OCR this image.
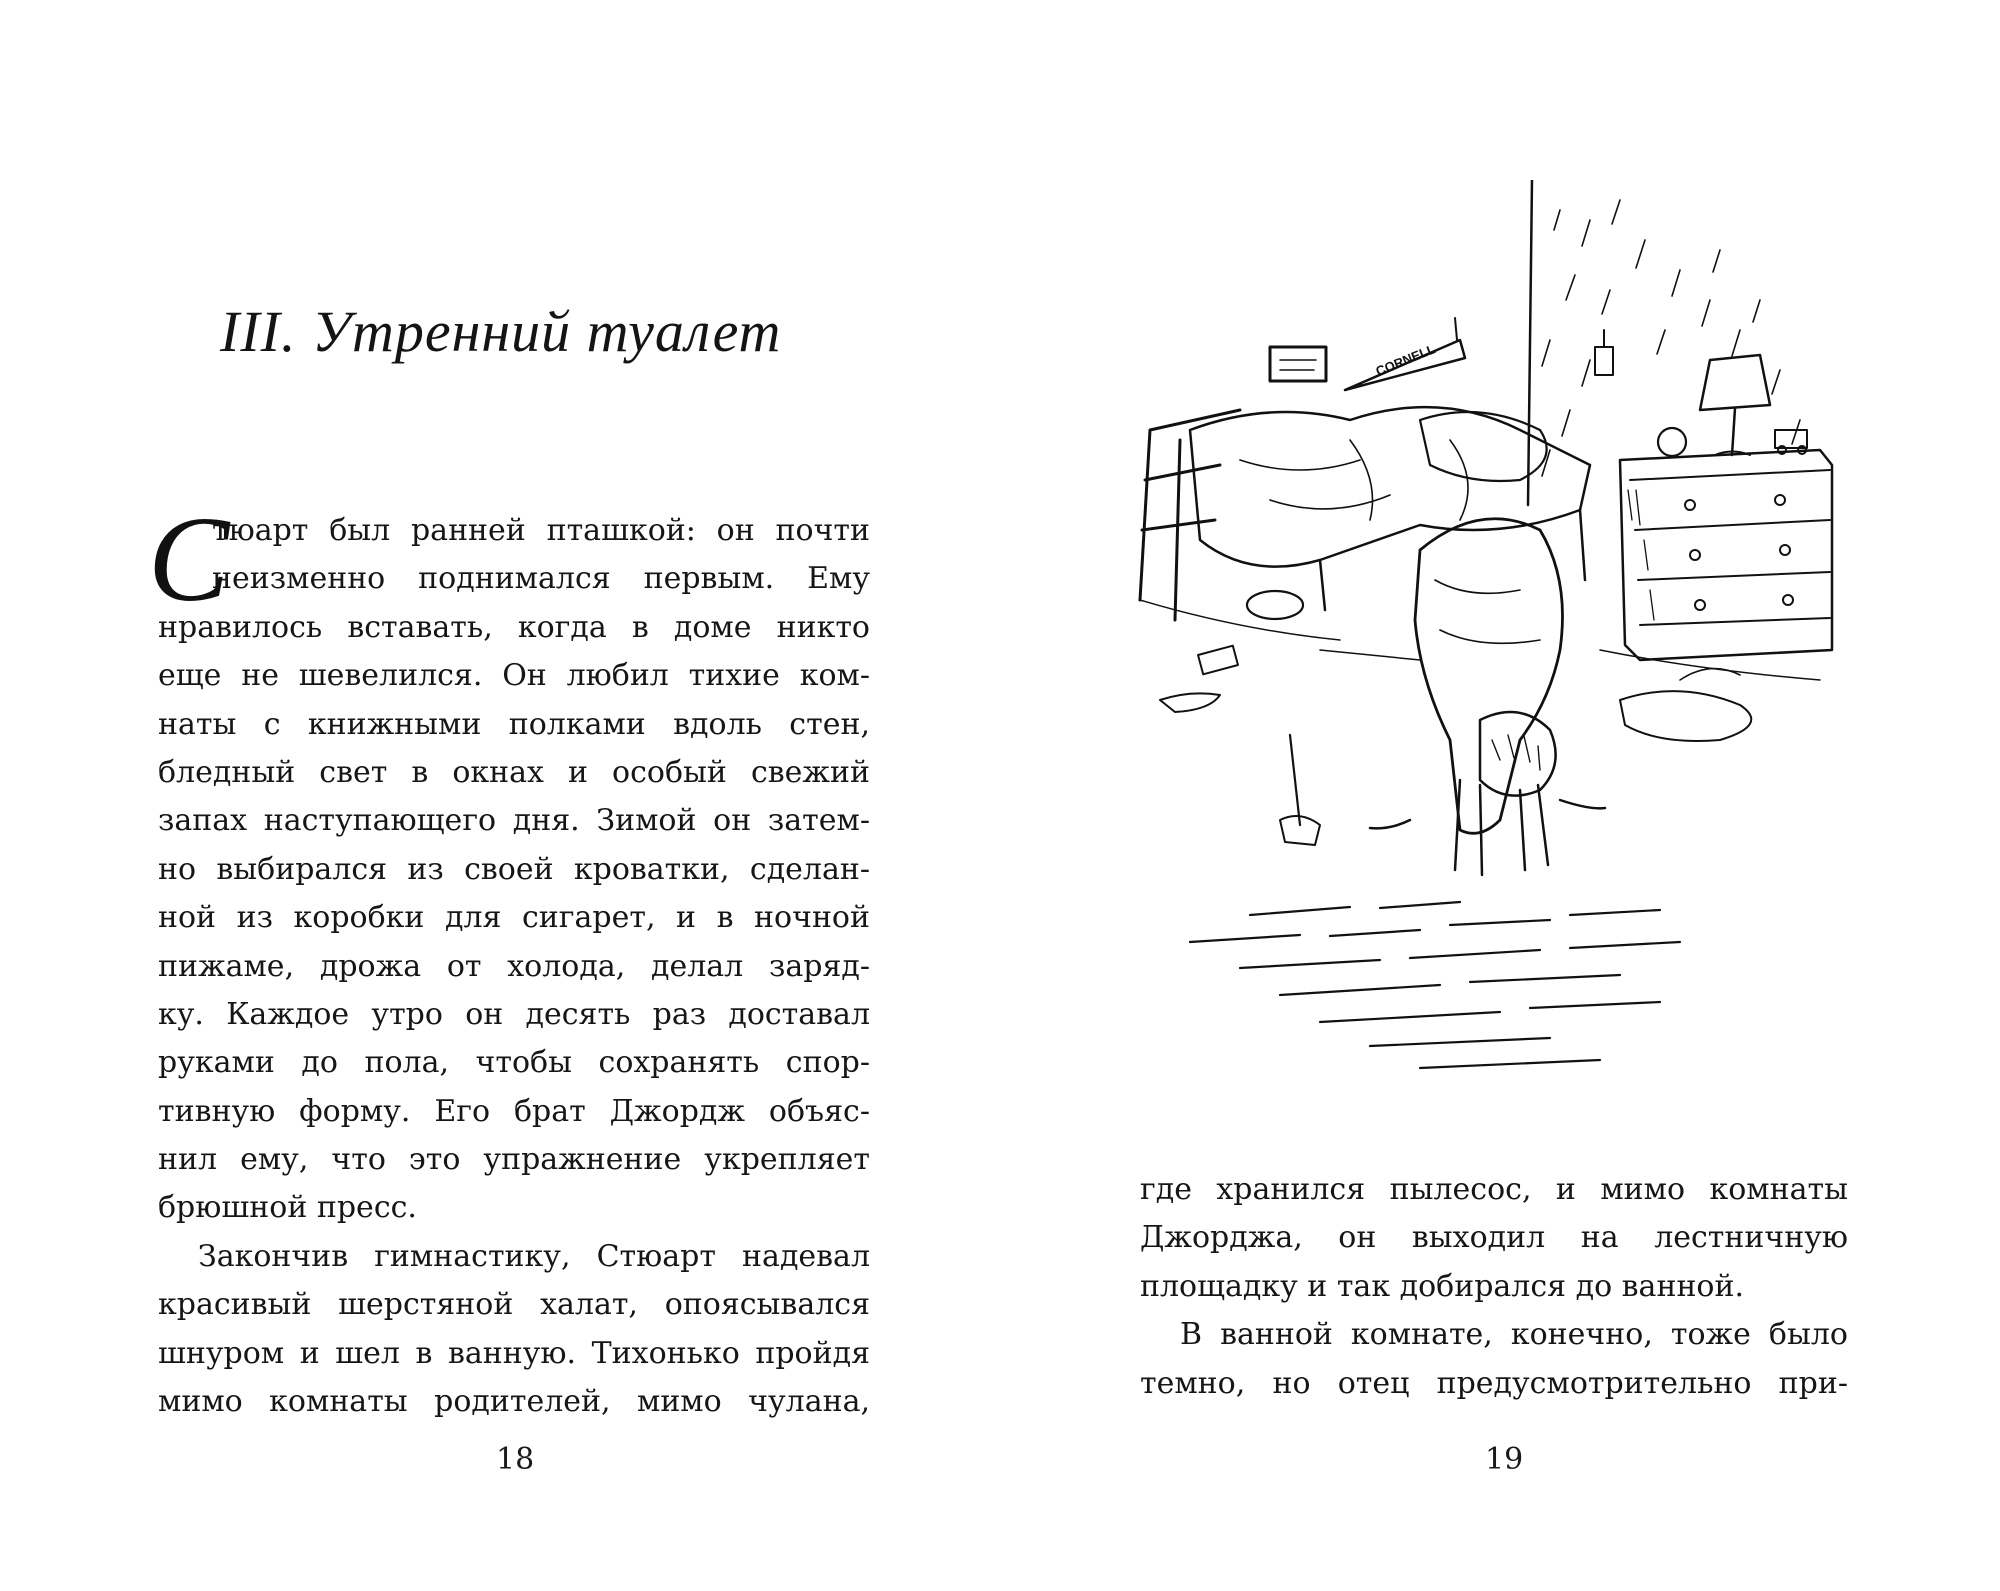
III. Утренний туалет
С
тюарт был ранней пташкой: он почти
неизменно поднимался первым. Ему
нравилось вставать, когда в доме никто
еще не шевелился. Он любил тихие ком-
наты с книжными полками вдоль стен,
бледный свет в окнах и особый свежий
запах наступающего дня. Зимой он затем-
но выбирался из своей кроватки, сделан-
ной из коробки для сигарет, и в ночной
пижаме, дрожа от холода, делал заряд-
ку. Каждое утро он десять раз доставал
руками до пола, чтобы сохранять спор-
тивную форму. Его брат Джордж объяс-
нил ему, что это упражнение укрепляет
брюшной пресс.
Закончив гимнастику, Стюарт надевал
красивый шерстяной халат, опоясывался
шнуром и шел в ванную. Тихонько пройдя
мимо комнаты родителей, мимо чулана,
18
CORNELL
где хранился пылесос, и мимо комнаты
Джорджа, он выходил на лестничную
площадку и так добирался до ванной.
В ванной комнате, конечно, тоже было
темно, но отец предусмотрительно при-
19
